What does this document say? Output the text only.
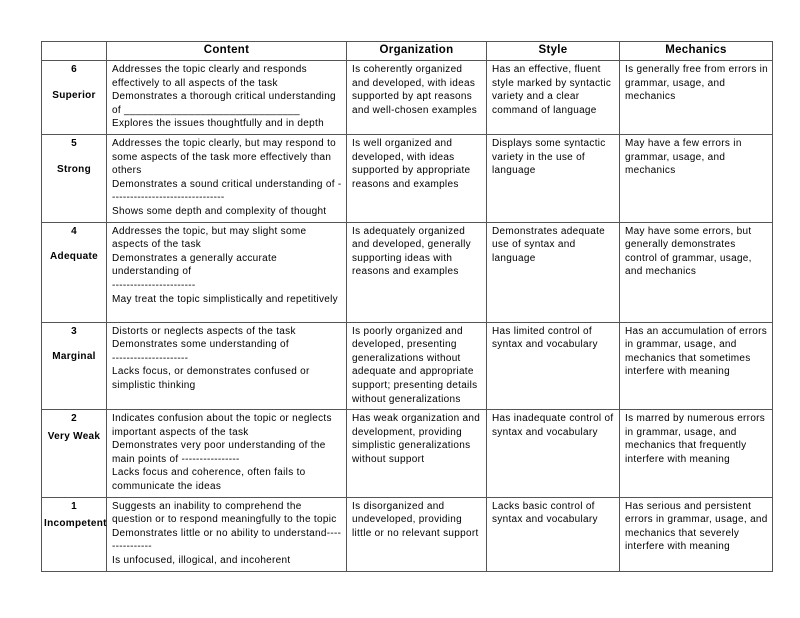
	Content	Organization	Style	Mechanics

6
Superior	Addresses the topic clearly and responds effectively to all aspects of the task
Demonstrates a thorough critical understanding of ______________________________
Explores the issues thoughtfully and in depth	Is coherently organized and developed, with ideas supported by apt reasons and well-chosen examples	Has an effective, fluent style marked by syntactic variety and a clear command of language	Is generally free from errors in grammar, usage, and mechanics

5
Strong	Addresses the topic clearly, but may respond to some aspects of the task more effectively than others
Demonstrates a sound critical understanding of --------------------------------
Shows some depth and complexity of thought	Is well organized and developed, with ideas supported by appropriate reasons and examples	Displays some syntactic variety in the use of language	May have a few errors in grammar, usage, and mechanics

4
Adequate	Addresses the topic, but may slight some aspects of the task
Demonstrates a generally accurate understanding of
-----------------------
May treat the topic simplistically and repetitively	Is adequately organized and developed, generally supporting ideas with reasons and examples	Demonstrates adequate use of syntax and language	May have some errors, but generally demonstrates control of grammar, usage, and mechanics

3
Marginal	Distorts or neglects aspects of the task
Demonstrates some understanding of
---------------------
Lacks focus, or demonstrates confused or simplistic thinking	Is poorly organized and developed, presenting generalizations without adequate and appropriate support; presenting details without generalizations	Has limited control of syntax and vocabulary	Has an accumulation of errors in grammar, usage, and mechanics that sometimes interfere with meaning

2
Very Weak	Indicates confusion about the topic or neglects important aspects of the task
Demonstrates very poor understanding of the main points of ----------------
Lacks focus and coherence, often fails to communicate the ideas	Has weak organization and development, providing simplistic generalizations without support	Has inadequate control of syntax and vocabulary	Is marred by numerous errors in grammar, usage, and mechanics that frequently interfere with meaning

1
Incompetent	Suggests an inability to comprehend the question or to respond meaningfully to the topic
Demonstrates little or no ability to understand---------------
Is unfocused, illogical, and incoherent	Is disorganized and undeveloped, providing little or no relevant support	Lacks basic control of syntax and vocabulary	Has serious and persistent errors in grammar, usage, and mechanics that severely interfere with meaning
